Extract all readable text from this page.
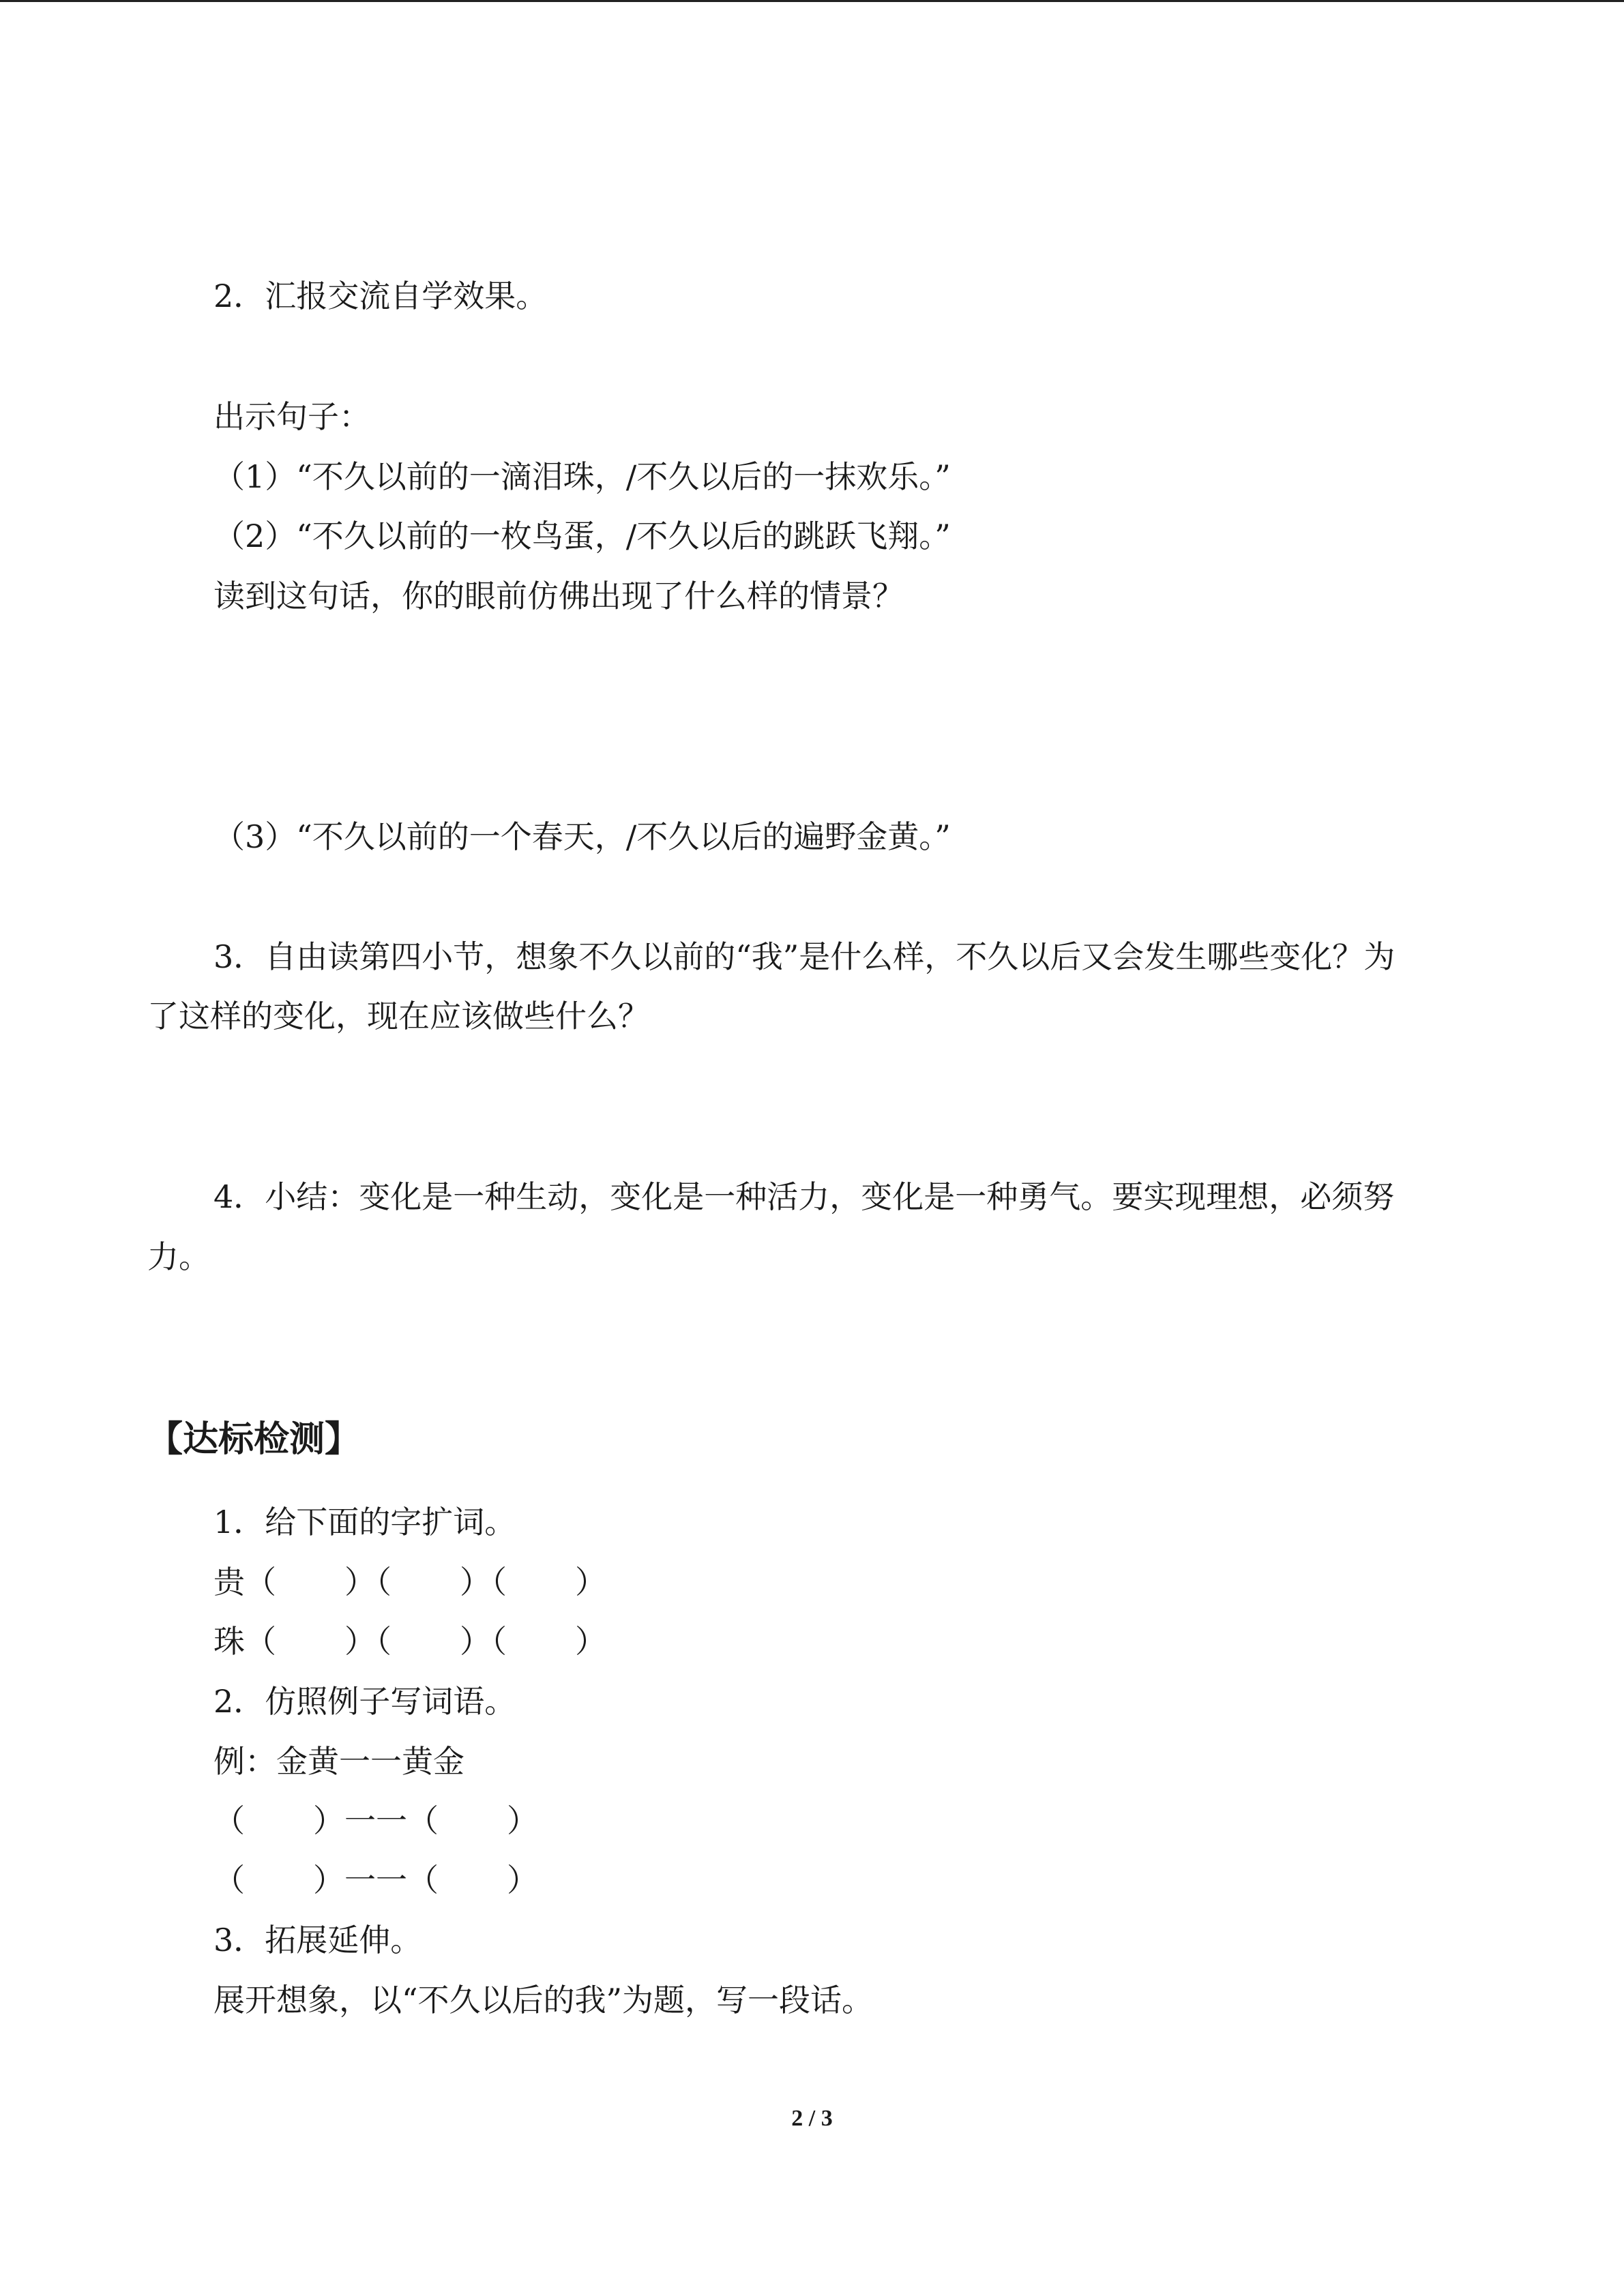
2．汇报交流自学效果。
出示句子：
（1）“不久以前的一滴泪珠，/不久以后的一抹欢乐。”
（2）“不久以前的一枚鸟蛋，/不久以后的跳跃飞翔。”
读到这句话，你的眼前仿佛出现了什么样的情景？
（3）“不久以前的一个春天，/不久以后的遍野金黄。”
3．自由读第四小节，想象不久以前的“我”是什么样，不久以后又会发生哪些变化？为
了这样的变化，现在应该做些什么？
4．小结：变化是一种生动，变化是一种活力，变化是一种勇气。要实现理想，必须努
力。
【达标检测】
1．给下面的字扩词。
贵（ ）（ ）（ ）
珠（ ）（ ）（ ）
2．仿照例子写词语。
例：金黄一一黄金
（ ）一一（ ）
（ ）一一（ ）
3．拓展延伸。
展开想象，以“不久以后的我”为题，写一段话。
2 / 3
